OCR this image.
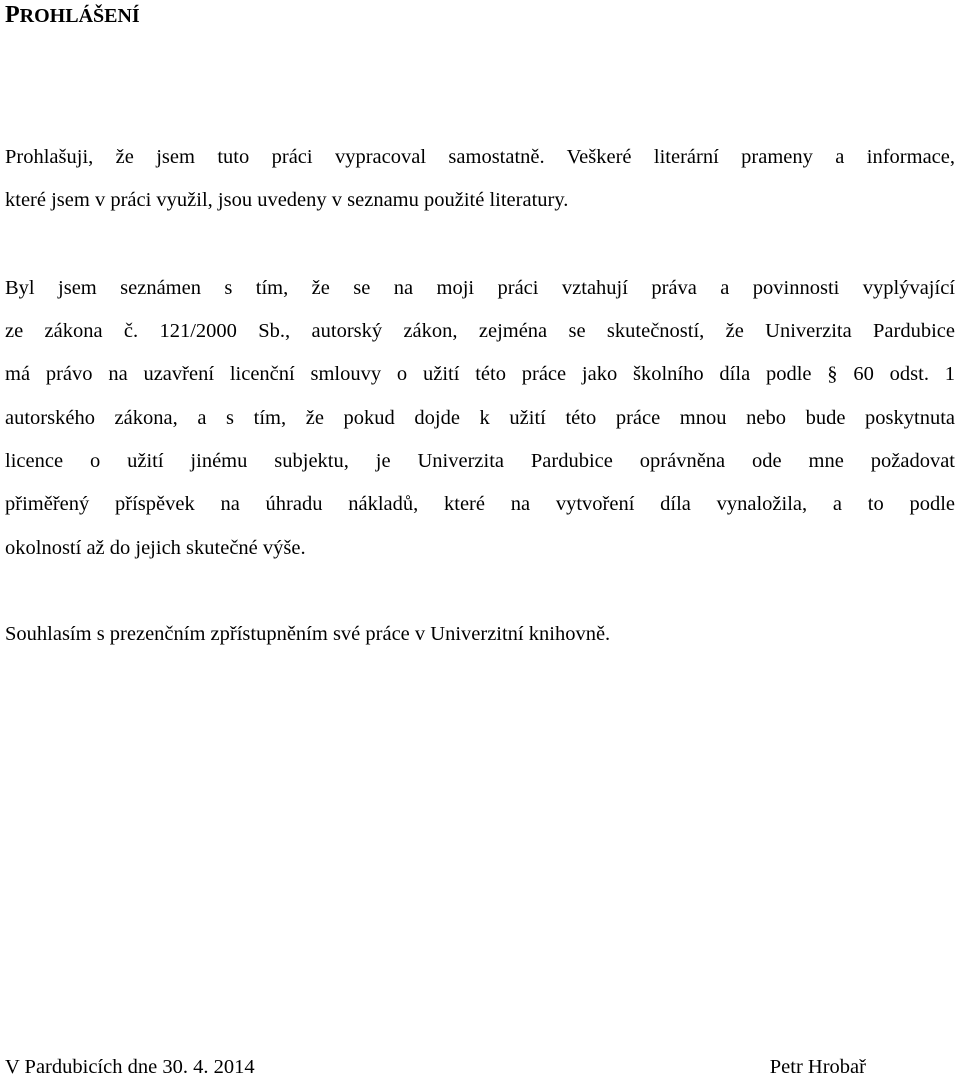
PROHLÁŠENÍ
Prohlašuji, že jsem tuto práci vypracoval samostatně. Veškeré literární prameny a informace,
které jsem v práci využil, jsou uvedeny v seznamu použité literatury.
Byl jsem seznámen s tím, že se na moji práci vztahují práva a povinnosti vyplývající
ze zákona č. 121/2000 Sb., autorský zákon, zejména se skutečností, že Univerzita Pardubice
má právo na uzavření licenční smlouvy o užití této práce jako školního díla podle § 60 odst. 1
autorského zákona, a s tím, že pokud dojde k užití této práce mnou nebo bude poskytnuta
licence o užití jinému subjektu, je Univerzita Pardubice oprávněna ode mne požadovat
přiměřený příspěvek na úhradu nákladů, které na vytvoření díla vynaložila, a to podle
okolností až do jejich skutečné výše.
Souhlasím s prezenčním zpřístupněním své práce v Univerzitní knihovně.
V Pardubicích dne 30. 4. 2014	Petr Hrobař
